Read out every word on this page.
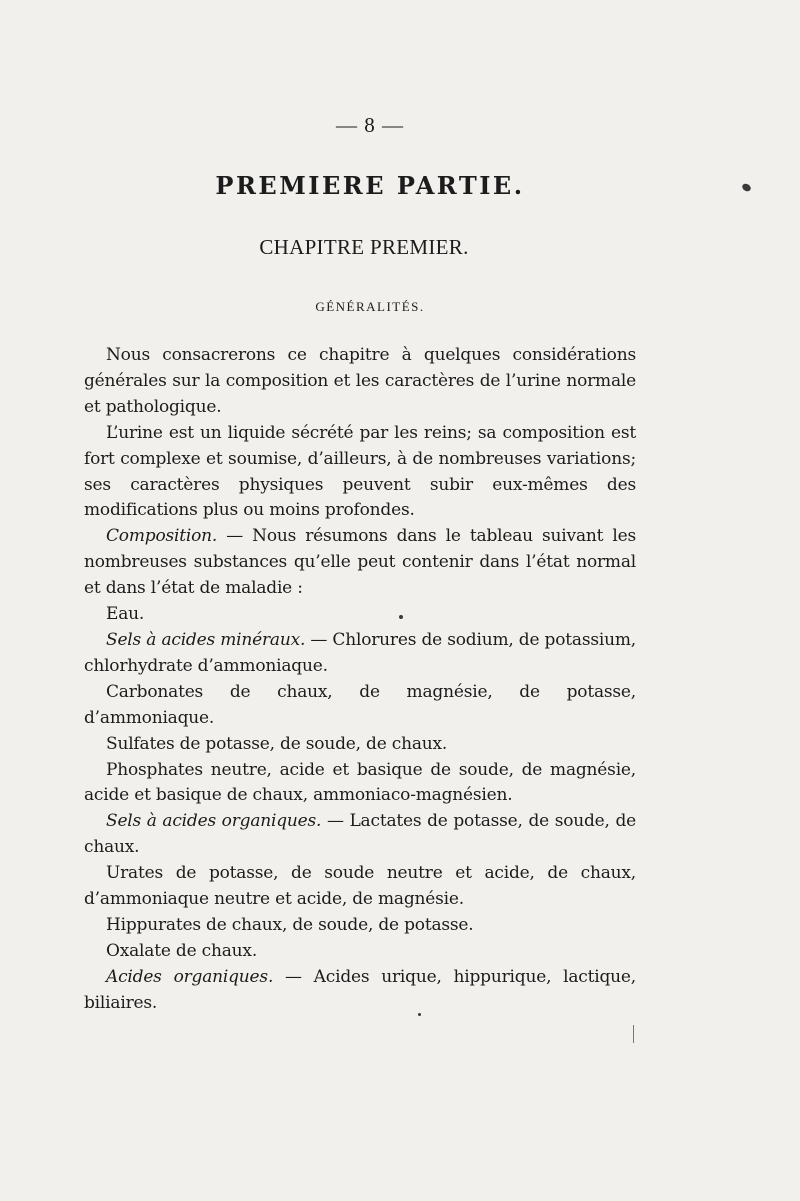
— 8 —
PREMIERE PARTIE.
CHAPITRE PREMIER.
GÉNÉRALITÉS.

Nous consacrerons ce chapitre à quelques considérations générales sur la composition et les caractères de l’urine normale et pathologique.

L’urine est un liquide sécrété par les reins; sa composition est fort complexe et soumise, d’ailleurs, à de nombreuses variations; ses caractères physiques peuvent subir eux-mêmes des modifications plus ou moins profondes.

Composition. — Nous résumons dans le tableau suivant les nombreuses substances qu’elle peut contenir dans l’état normal et dans l’état de maladie :

Eau.

Sels à acides minéraux. — Chlorures de sodium, de potassium, chlorhydrate d’ammoniaque.

Carbonates de chaux, de magnésie, de potasse, d’ammoniaque.

Sulfates de potasse, de soude, de chaux.

Phosphates neutre, acide et basique de soude, de magnésie, acide et basique de chaux, ammoniaco-magnésien.

Sels à acides organiques. — Lactates de potasse, de soude, de chaux.

Urates de potasse, de soude neutre et acide, de chaux, d’ammoniaque neutre et acide, de magnésie.

Hippurates de chaux, de soude, de potasse.

Oxalate de chaux.

Acides organiques. — Acides urique, hippurique, lactique, biliaires.
